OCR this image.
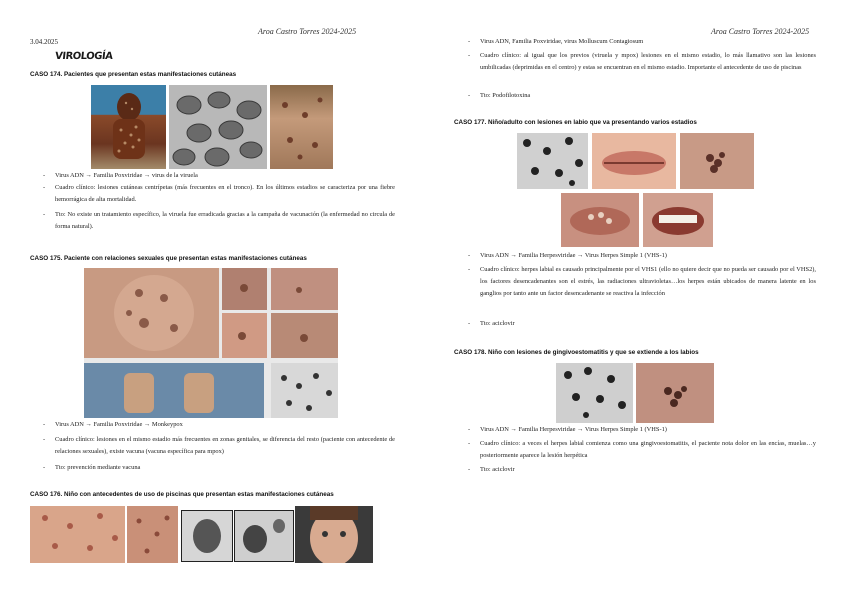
Aroa Castro Torres 2024-2025
3.04.2025
VIROLOGÍA
CASO 174. Pacientes que presentan estas manifestaciones cutáneas
- Virus ADN → Familia Poxviridae → virus de la viruela
- Cuadro clínico: lesiones cutáneas centrípetas (más frecuentes en el tronco). En los últimos estadios se caracteriza por una fiebre hemorrágica de alta mortalidad.
- Tto: No existe un tratamiento específico, la viruela fue erradicada gracias a la campaña de vacunación (la enfermedad no circula de forma natural).
CASO 175. Paciente con relaciones sexuales que presentan estas manifestaciones cutáneas
- Virus ADN → Familia Poxviridae → Monkeypox
- Cuadro clínico: lesiones en el mismo estadio más frecuentes en zonas genitales, se diferencia del resto (paciente con antecedente de relaciones sexuales), existe vacuna (vacuna específica para mpox)
- Tto: prevención mediante vacuna
CASO 176. Niño con antecedentes de uso de piscinas que presentan estas manifestaciones cutáneas
Aroa Castro Torres 2024-2025
- Virus ADN, Familia Poxviridae, virus Molluscum Contagiosum
- Cuadro clínico: al igual que los previos (viruela y mpox) lesiones en el mismo estadio, lo más llamativo son las lesiones umbilicadas (deprimidas en el centro) y estas se encuentran en el mismo estadio. Importante el antecedente de uso de piscinas
- Tto: Podofilotoxina
CASO 177. Niño/adulto con lesiones en labio que va presentando varios estadios
- Virus ADN → Familia Herpesviridae → Virus Herpes Simple 1 (VHS-1)
- Cuadro clínico: herpes labial es causado principalmente por el VHS1 (ello no quiere decir que no pueda ser causado por el VHS2), los factores desencadenantes son el estrés, las radiaciones ultravioletas…los herpes están ubicados de manera latente en los ganglios por tanto ante un factor desencadenante se reactiva la infección
- Tto: aciclovir
CASO 178. Niño con lesiones de gingivoestomatitis y que se extiende a los labios
- Virus ADN → Familia Herpesviridae → Virus Herpes Simple 1 (VHS-1)
- Cuadro clínico: a veces el herpes labial comienza como una gingivoestomatitis, el paciente nota dolor en las encías, muelas…y posteriormente aparece la lesión herpética
- Tto: aciclovir
